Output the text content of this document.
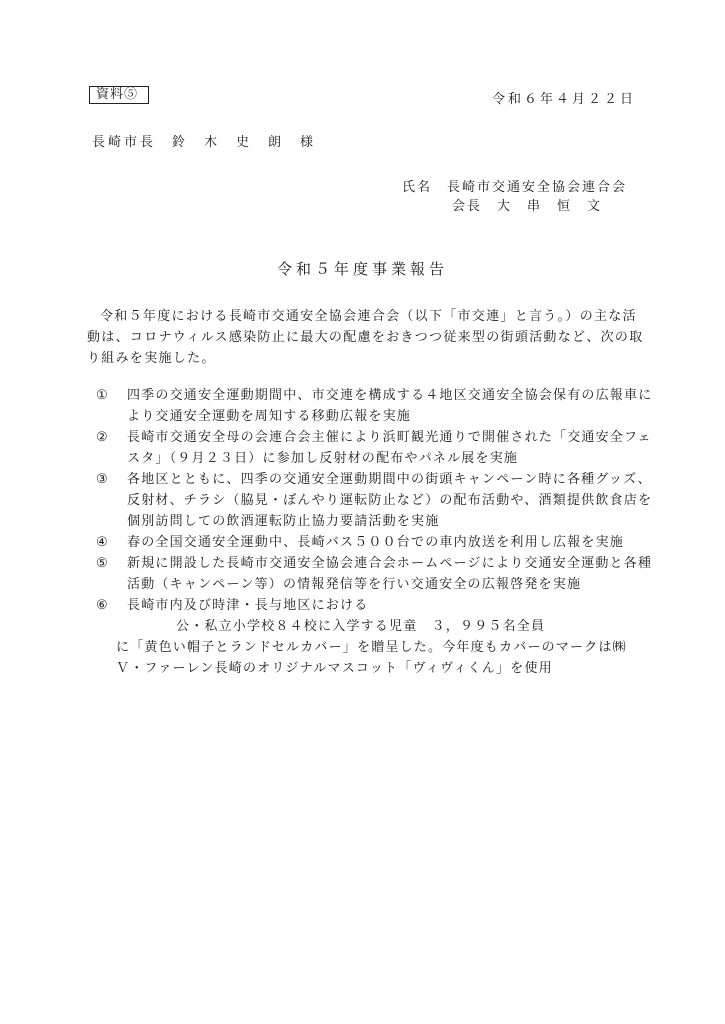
資料⑤	令和６年４月２２日
長崎市長　鈴　木　史　朗　様
氏名　長崎市交通安全協会連合会
会長　大　串　恒　文
令和５年度事業報告
令和５年度における長崎市交通安全協会連合会（以下「市交連」と言う。）の主な活動は、コロナウィルス感染防止に最大の配慮をおきつつ従来型の街頭活動など、次の取り組みを実施した。
①	四季の交通安全運動期間中、市交連を構成する４地区交通安全協会保有の広報車により交通安全運動を周知する移動広報を実施
②	長崎市交通安全母の会連合会主催により浜町観光通りで開催された「交通安全フェスタ」（９月２３日）に参加し反射材の配布やパネル展を実施
③	各地区とともに、四季の交通安全運動期間中の街頭キャンペーン時に各種グッズ、反射材、チラシ（脇見・ぼんやり運転防止など）の配布活動や、酒類提供飲食店を個別訪問しての飲酒運転防止協力要請活動を実施
④	春の全国交通安全運動中、長崎バス５００台での車内放送を利用し広報を実施
⑤	新規に開設した長崎市交通安全協会連合会ホームページにより交通安全運動と各種活動（キャンペーン等）の情報発信等を行い交通安全の広報啓発を実施
⑥	長崎市内及び時津・長与地区における
公・私立小学校８４校に入学する児童　３，９９５名全員
に「黄色い帽子とランドセルカバー」を贈呈した。今年度もカバーのマークは㈱
Ｖ・ファーレン長崎のオリジナルマスコット「ヴィヴィくん」を使用
